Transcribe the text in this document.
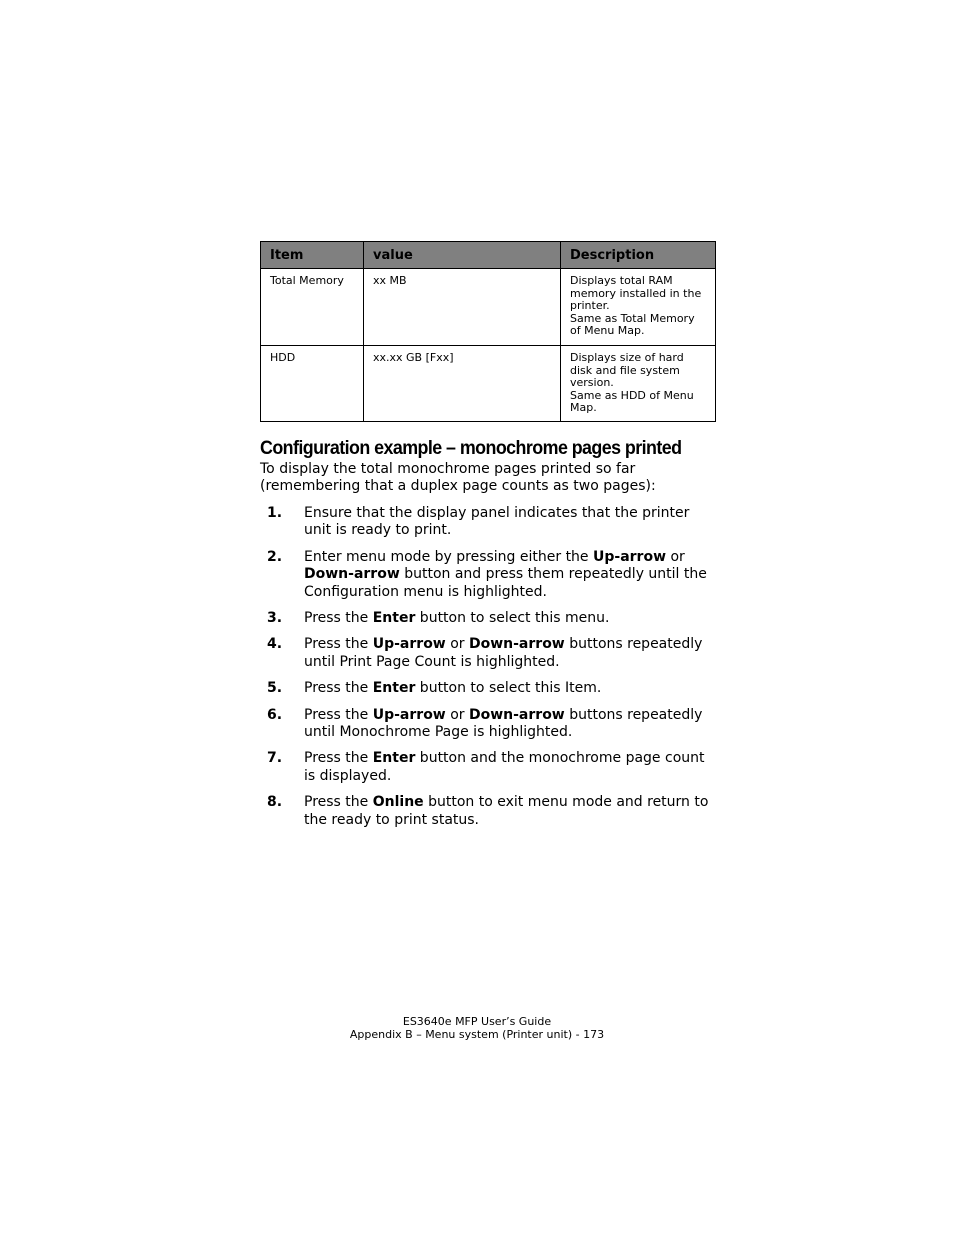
Item	value	Description
Total Memory	xx MB	Displays total RAM
memory installed in the
printer.
Same as Total Memory
of Menu Map.

HDD	xx.xx GB [Fxx]	Displays size of hard
disk and file system
version.
Same as HDD of Menu
Map.
Configuration example – monochrome pages printed

To display the total monochrome pages printed so far
(remembering that a duplex page counts as two pages):

1. Ensure that the display panel indicates that the printer unit is ready to print.
2. Enter menu mode by pressing either the Up-arrow or Down-arrow button and press them repeatedly until the Configuration menu is highlighted.
3. Press the Enter button to select this menu.
4. Press the Up-arrow or Down-arrow buttons repeatedly until Print Page Count is highlighted.
5. Press the Enter button to select this Item.
6. Press the Up-arrow or Down-arrow buttons repeatedly until Monochrome Page is highlighted.
7. Press the Enter button and the monochrome page count is displayed.
8. Press the Online button to exit menu mode and return to the ready to print status.
ES3640e MFP User’s Guide
Appendix B – Menu system (Printer unit) - 173
